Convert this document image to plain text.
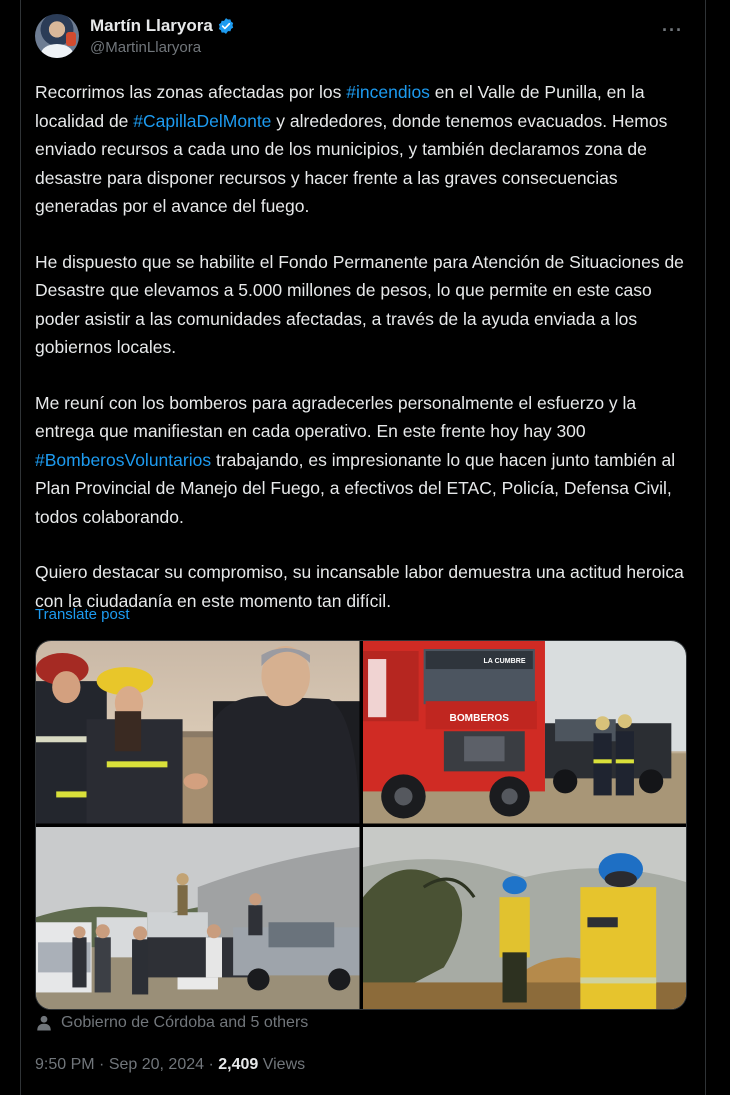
Martín Llaryora
@MartinLlaryora
···

Recorrimos las zonas afectadas por los #incendios en el Valle de Punilla, en la localidad de #CapillaDelMonte y alrededores, donde tenemos evacuados. Hemos enviado recursos a cada uno de los municipios, y también declaramos zona de desastre para disponer recursos y hacer frente a las graves consecuencias generadas por el avance del fuego.

He dispuesto que se habilite el Fondo Permanente para Atención de Situaciones de Desastre que elevamos a 5.000 millones de pesos, lo que permite en este caso poder asistir a las comunidades afectadas, a través de la ayuda enviada a los gobiernos locales.

Me reuní con los bomberos para agradecerles personalmente el esfuerzo y la entrega que manifiestan en cada operativo. En este frente hoy hay 300 #BomberosVoluntarios trabajando, es impresionante lo que hacen junto también al Plan Provincial de Manejo del Fuego, a efectivos del ETAC, Policía, Defensa Civil, todos colaborando.

Quiero destacar su compromiso, su incansable labor demuestra una actitud heroica con la ciudadanía en este momento tan difícil.

Translate post
BOMBEROS
LA CUMBRE
Gobierno de Córdoba and 5 others
9:50 PM · Sep 20, 2024 · 2,409 Views
